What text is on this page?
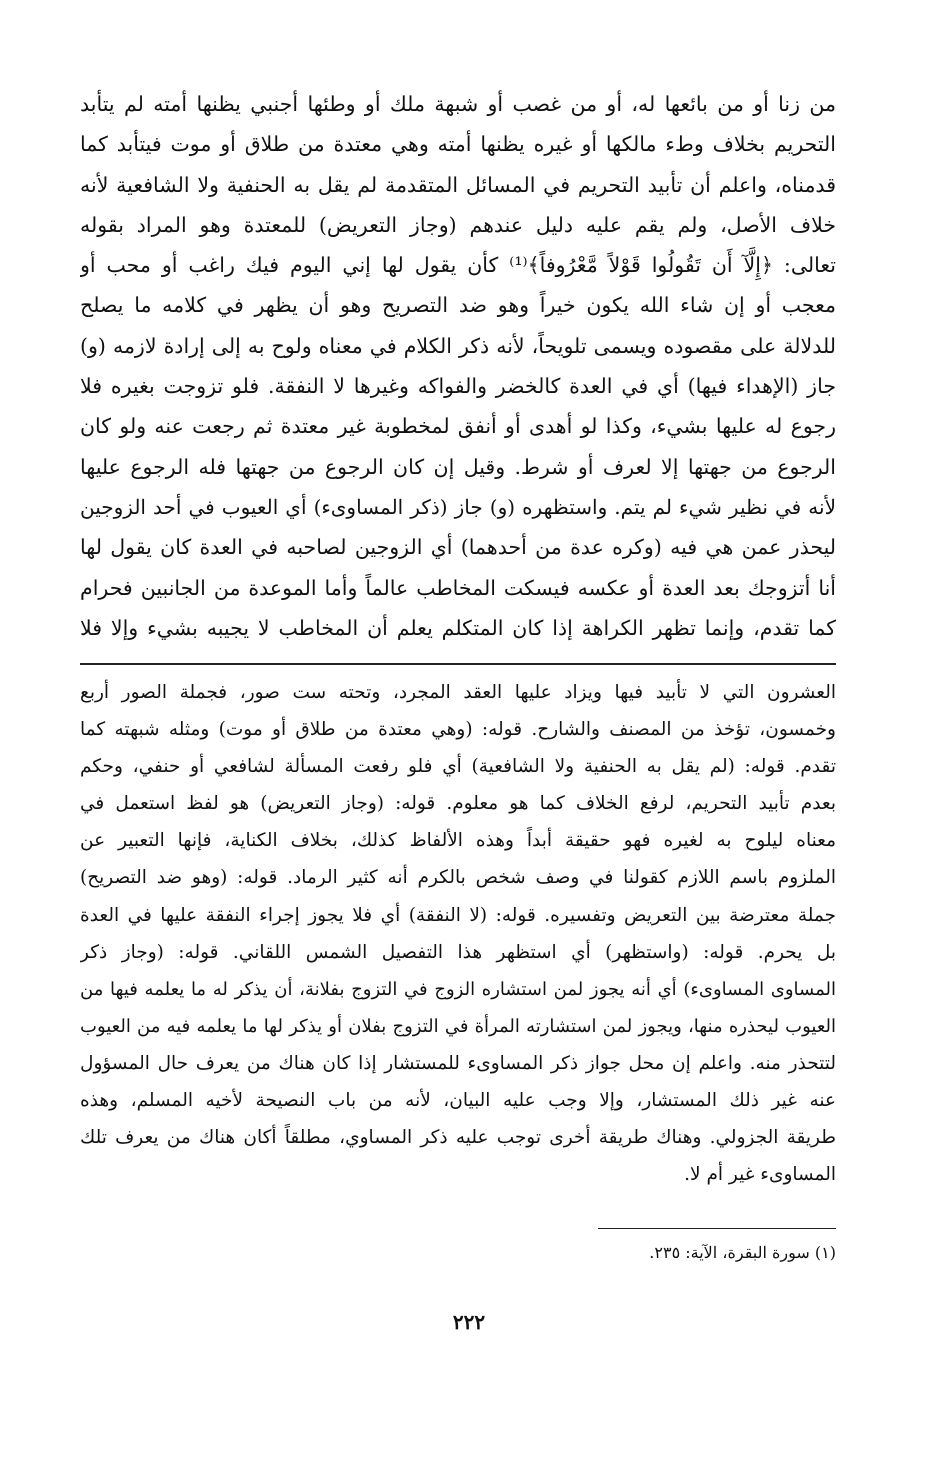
من زنا أو من بائعها له، أو من غصب أو شبهة ملك أو وطئها أجنبي يظنها أمته لم يتأبد
التحريم بخلاف وطء مالكها أو غيره يظنها أمته وهي معتدة من طلاق أو موت فيتأبد كما
قدمناه، واعلم أن تأبيد التحريم في المسائل المتقدمة لم يقل به الحنفية ولا الشافعية لأنه
خلاف الأصل، ولم يقم عليه دليل عندهم (وجاز التعريض) للمعتدة وهو المراد بقوله
تعالى: ﴿إِلَّآ أَن تَقُولُوا قَوْلاً مَّعْرُوفاً﴾⁽¹⁾ كأن يقول لها إني اليوم فيك راغب أو محب أو
معجب أو إن شاء الله يكون خيراً وهو ضد التصريح وهو أن يظهر في كلامه ما يصلح
للدلالة على مقصوده ويسمى تلويحاً، لأنه ذكر الكلام في معناه ولوح به إلى إرادة لازمه (و)
جاز (الإهداء فيها) أي في العدة كالخضر والفواكه وغيرها لا النفقة. فلو تزوجت بغيره فلا
رجوع له عليها بشيء، وكذا لو أهدى أو أنفق لمخطوبة غير معتدة ثم رجعت عنه ولو كان
الرجوع من جهتها إلا لعرف أو شرط. وقيل إن كان الرجوع من جهتها فله الرجوع عليها
لأنه في نظير شيء لم يتم. واستظهره (و) جاز (ذكر المساوىء) أي العيوب في أحد الزوجين
ليحذر عمن هي فيه (وكره عدة من أحدهما) أي الزوجين لصاحبه في العدة كان يقول لها
أنا أتزوجك بعد العدة أو عكسه فيسكت المخاطب عالماً وأما الموعدة من الجانبين فحرام
كما تقدم، وإنما تظهر الكراهة إذا كان المتكلم يعلم أن المخاطب لا يجيبه بشيء وإلا فلا
العشرون التي لا تأبيد فيها ويزاد عليها العقد المجرد، وتحته ست صور، فجملة الصور أربع
وخمسون، تؤخذ من المصنف والشارح. قوله: (وهي معتدة من طلاق أو موت) ومثله شبهته كما
تقدم. قوله: (لم يقل به الحنفية ولا الشافعية) أي فلو رفعت المسألة لشافعي أو حنفي، وحكم
بعدم تأبيد التحريم، لرفع الخلاف كما هو معلوم. قوله: (وجاز التعريض) هو لفظ استعمل في
معناه ليلوح به لغيره فهو حقيقة أبداً وهذه الألفاظ كذلك، بخلاف الكناية، فإنها التعبير عن
الملزوم باسم اللازم كقولنا في وصف شخص بالكرم أنه كثير الرماد. قوله: (وهو ضد التصريح)
جملة معترضة بين التعريض وتفسيره. قوله: (لا النفقة) أي فلا يجوز إجراء النفقة عليها في العدة
بل يحرم. قوله: (واستظهر) أي استظهر هذا التفصيل الشمس اللقاني. قوله: (وجاز ذكر
المساوى المساوىء) أي أنه يجوز لمن استشاره الزوج في التزوج بفلانة، أن يذكر له ما يعلمه فيها من
العيوب ليحذره منها، ويجوز لمن استشارته المرأة في التزوج بفلان أو يذكر لها ما يعلمه فيه من العيوب
لتتحذر منه. واعلم إن محل جواز ذكر المساوىء للمستشار إذا كان هناك من يعرف حال المسؤول
عنه غير ذلك المستشار، وإلا وجب عليه البيان، لأنه من باب النصيحة لأخيه المسلم، وهذه
طريقة الجزولي. وهناك طريقة أخرى توجب عليه ذكر المساوي، مطلقاً أكان هناك من يعرف تلك
المساوىء غير أم لا.
(١) سورة البقرة، الآية: ٢٣٥.
٢٢٢
